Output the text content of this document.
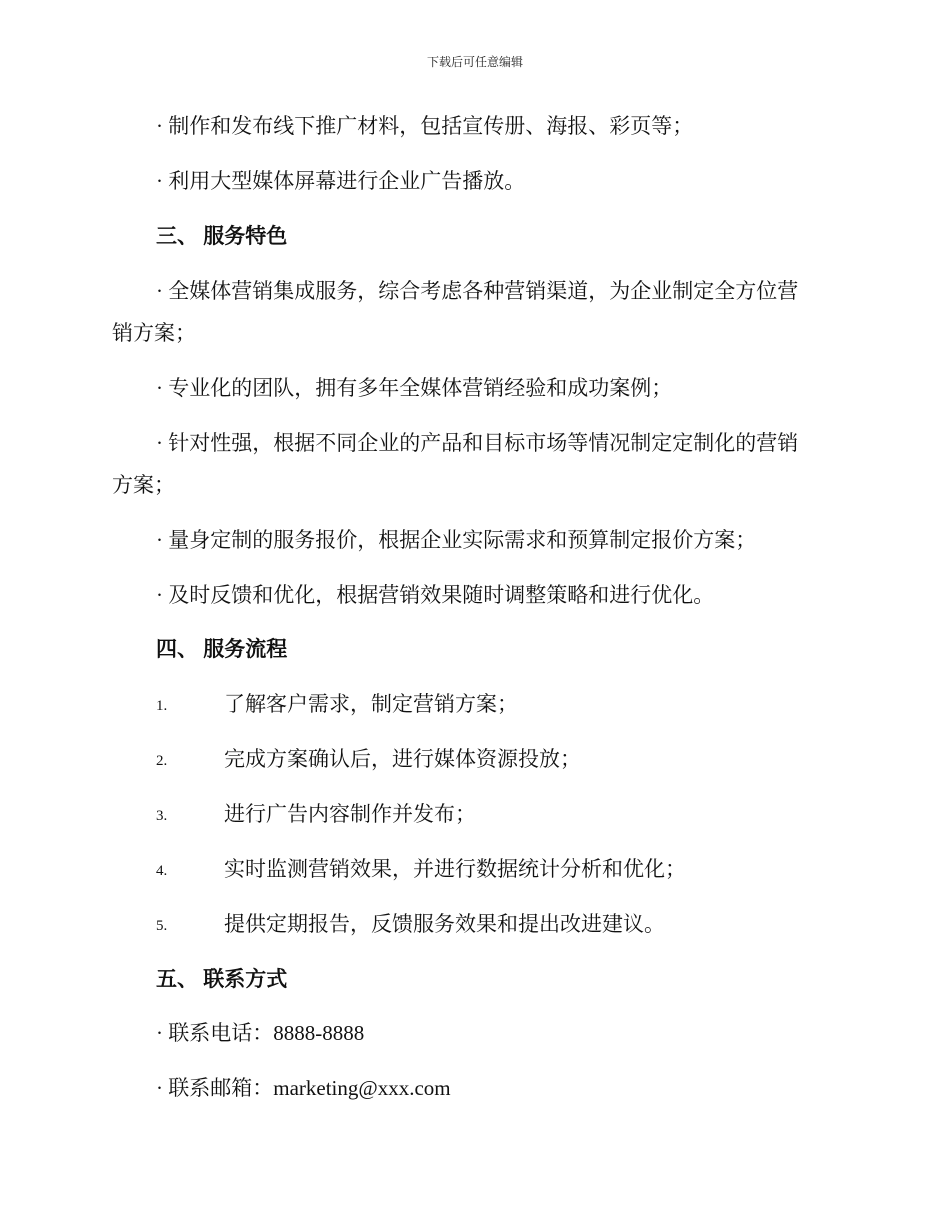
下载后可任意编辑
· 制作和发布线下推广材料，包括宣传册、海报、彩页等；
· 利用大型媒体屏幕进行企业广告播放。
三、 服务特色
· 全媒体营销集成服务，综合考虑各种营销渠道，为企业制定全方位营
销方案；
· 专业化的团队，拥有多年全媒体营销经验和成功案例；
· 针对性强，根据不同企业的产品和目标市场等情况制定定制化的营销
方案；
· 量身定制的服务报价，根据企业实际需求和预算制定报价方案；
· 及时反馈和优化，根据营销效果随时调整策略和进行优化。
四、 服务流程
1.	了解客户需求，制定营销方案；
2.	完成方案确认后，进行媒体资源投放；
3.	进行广告内容制作并发布；
4.	实时监测营销效果，并进行数据统计分析和优化；
5.	提供定期报告，反馈服务效果和提出改进建议。
五、 联系方式
· 联系电话：8888-8888
· 联系邮箱：marketing@xxx.com
